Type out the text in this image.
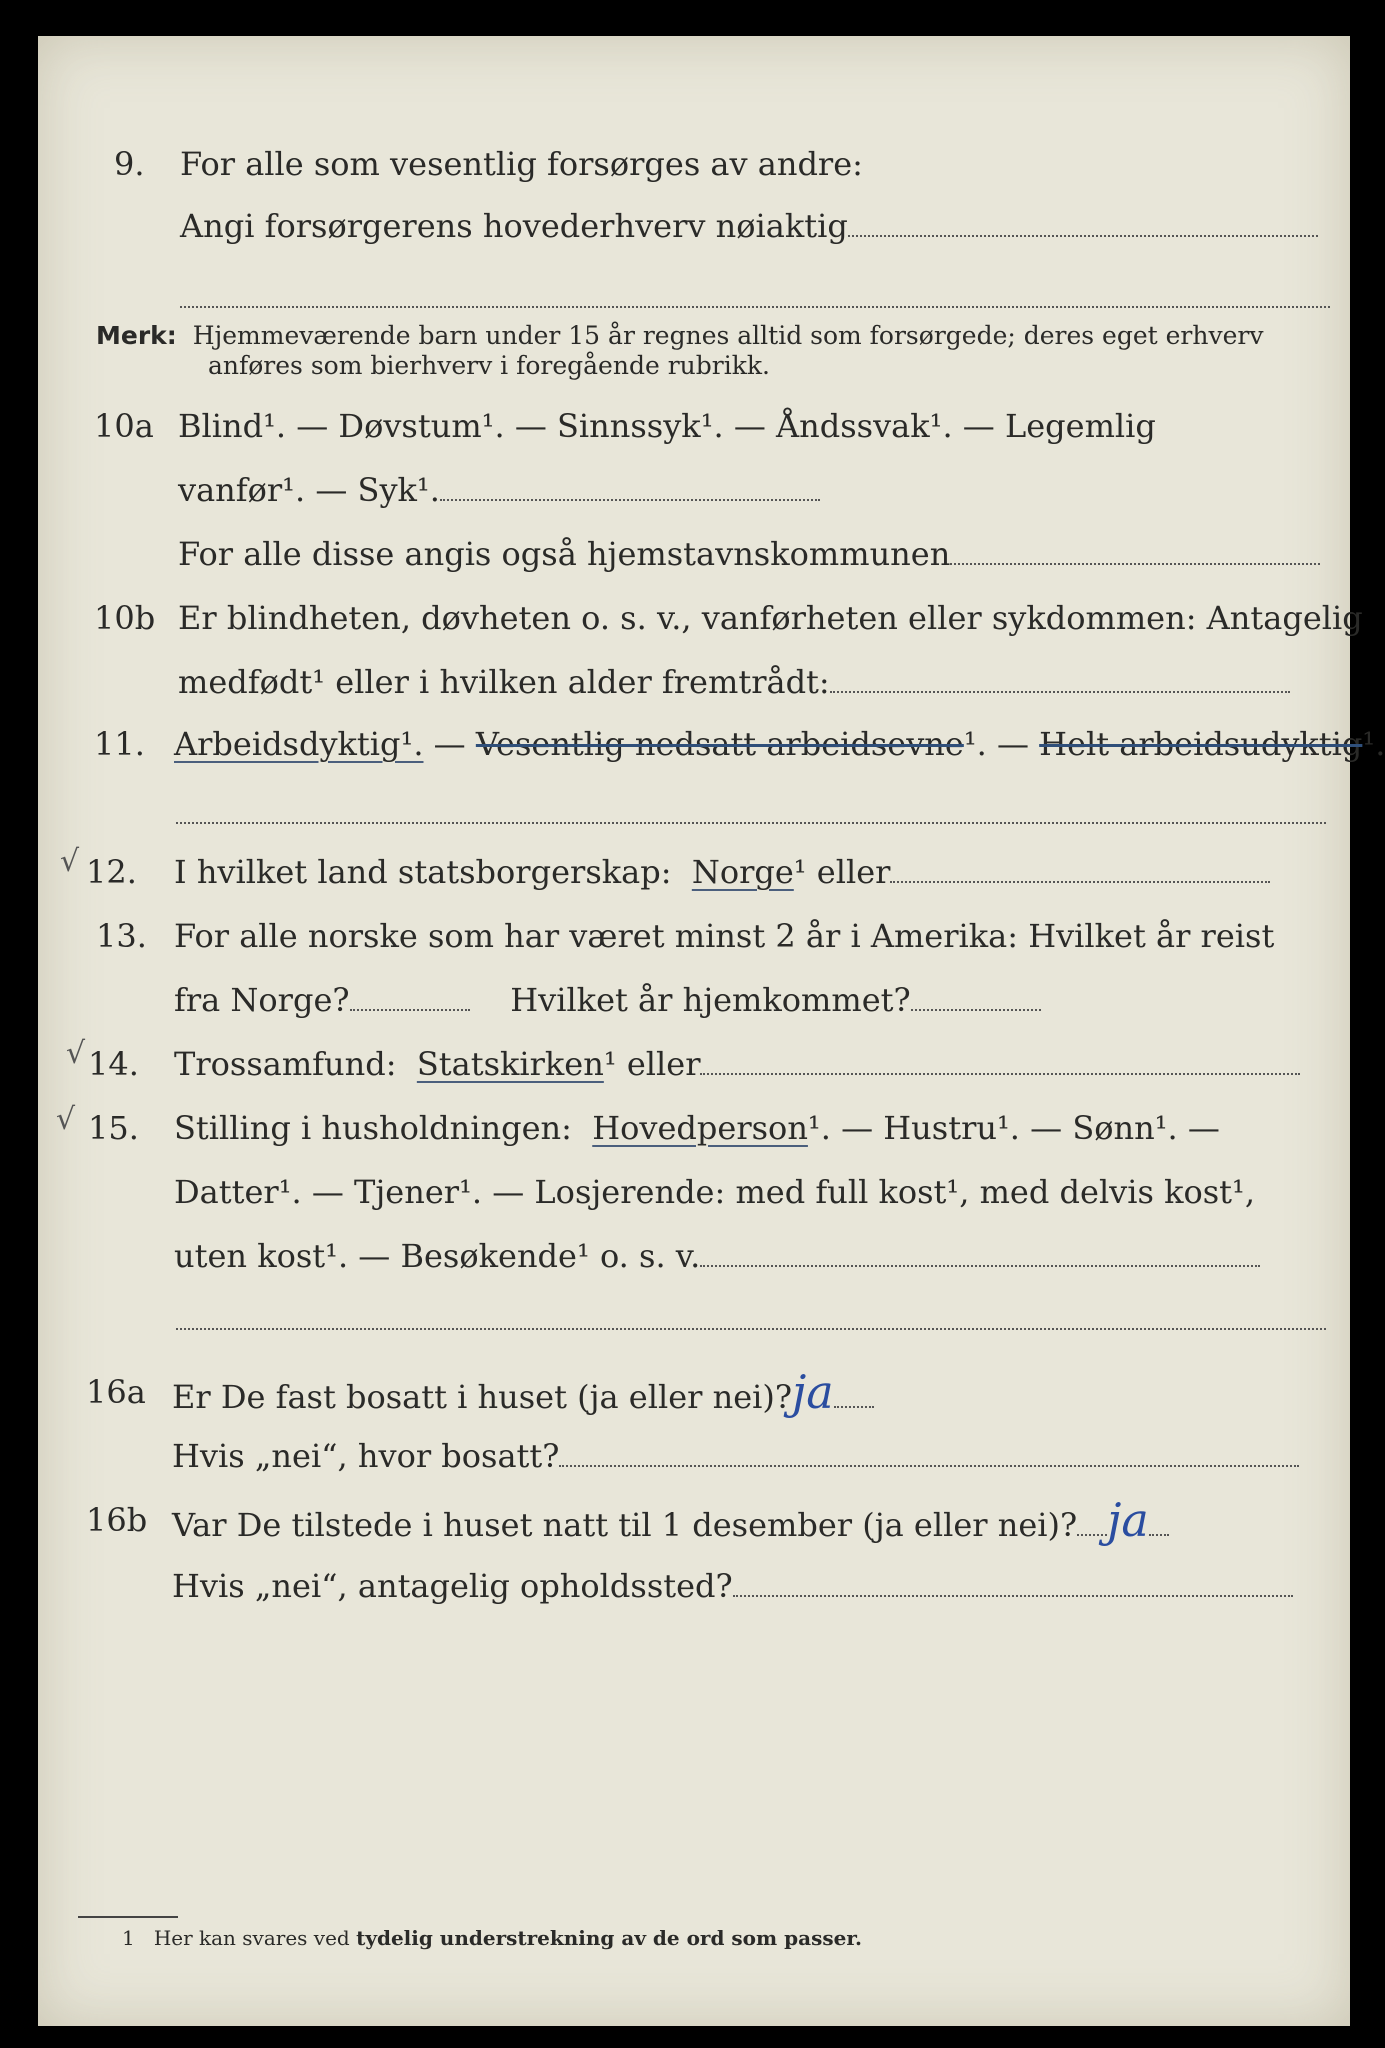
9. For alle som vesentlig forsørges av andre:
Angi forsørgerens hovederhverv nøiaktig
Merk: Hjemmeværende barn under 15 år regnes alltid som forsørgede; deres eget erhverv
anføres som bierhverv i foregående rubrikk.
10a Blind¹. — Døvstum¹. — Sinnssyk¹. — Åndssvak¹. — Legemlig
vanfør¹. — Syk¹.
For alle disse angis også hjemstavnskommunen
10b Er blindheten, døvheten o. s. v., vanførheten eller sykdommen: Antagelig
medfødt¹ eller i hvilken alder fremtrådt:
11. Arbeidsdyktig¹. — Vesentlig nedsatt arbeidsevne¹. — Helt arbeidsudyktig¹.
√ 12. I hvilket land statsborgerskap: Norge¹ eller
13. For alle norske som har været minst 2 år i Amerika: Hvilket år reist
fra Norge?	Hvilket år hjemkommet?
√ 14. Trossamfund: Statskirken¹ eller
√ 15. Stilling i husholdningen: Hovedperson¹. — Hustru¹. — Sønn¹. —
Datter¹. — Tjener¹. — Losjerende: med full kost¹, med delvis kost¹,
uten kost¹. — Besøkende¹ o. s. v.
16a Er De fast bosatt i huset (ja eller nei)?ja
Hvis „nei“, hvor bosatt?
16b Var De tilstede i huset natt til 1 desember (ja eller nei)? ja
Hvis „nei“, antagelig opholdssted?
1 Her kan svares ved tydelig understrekning av de ord som passer.
